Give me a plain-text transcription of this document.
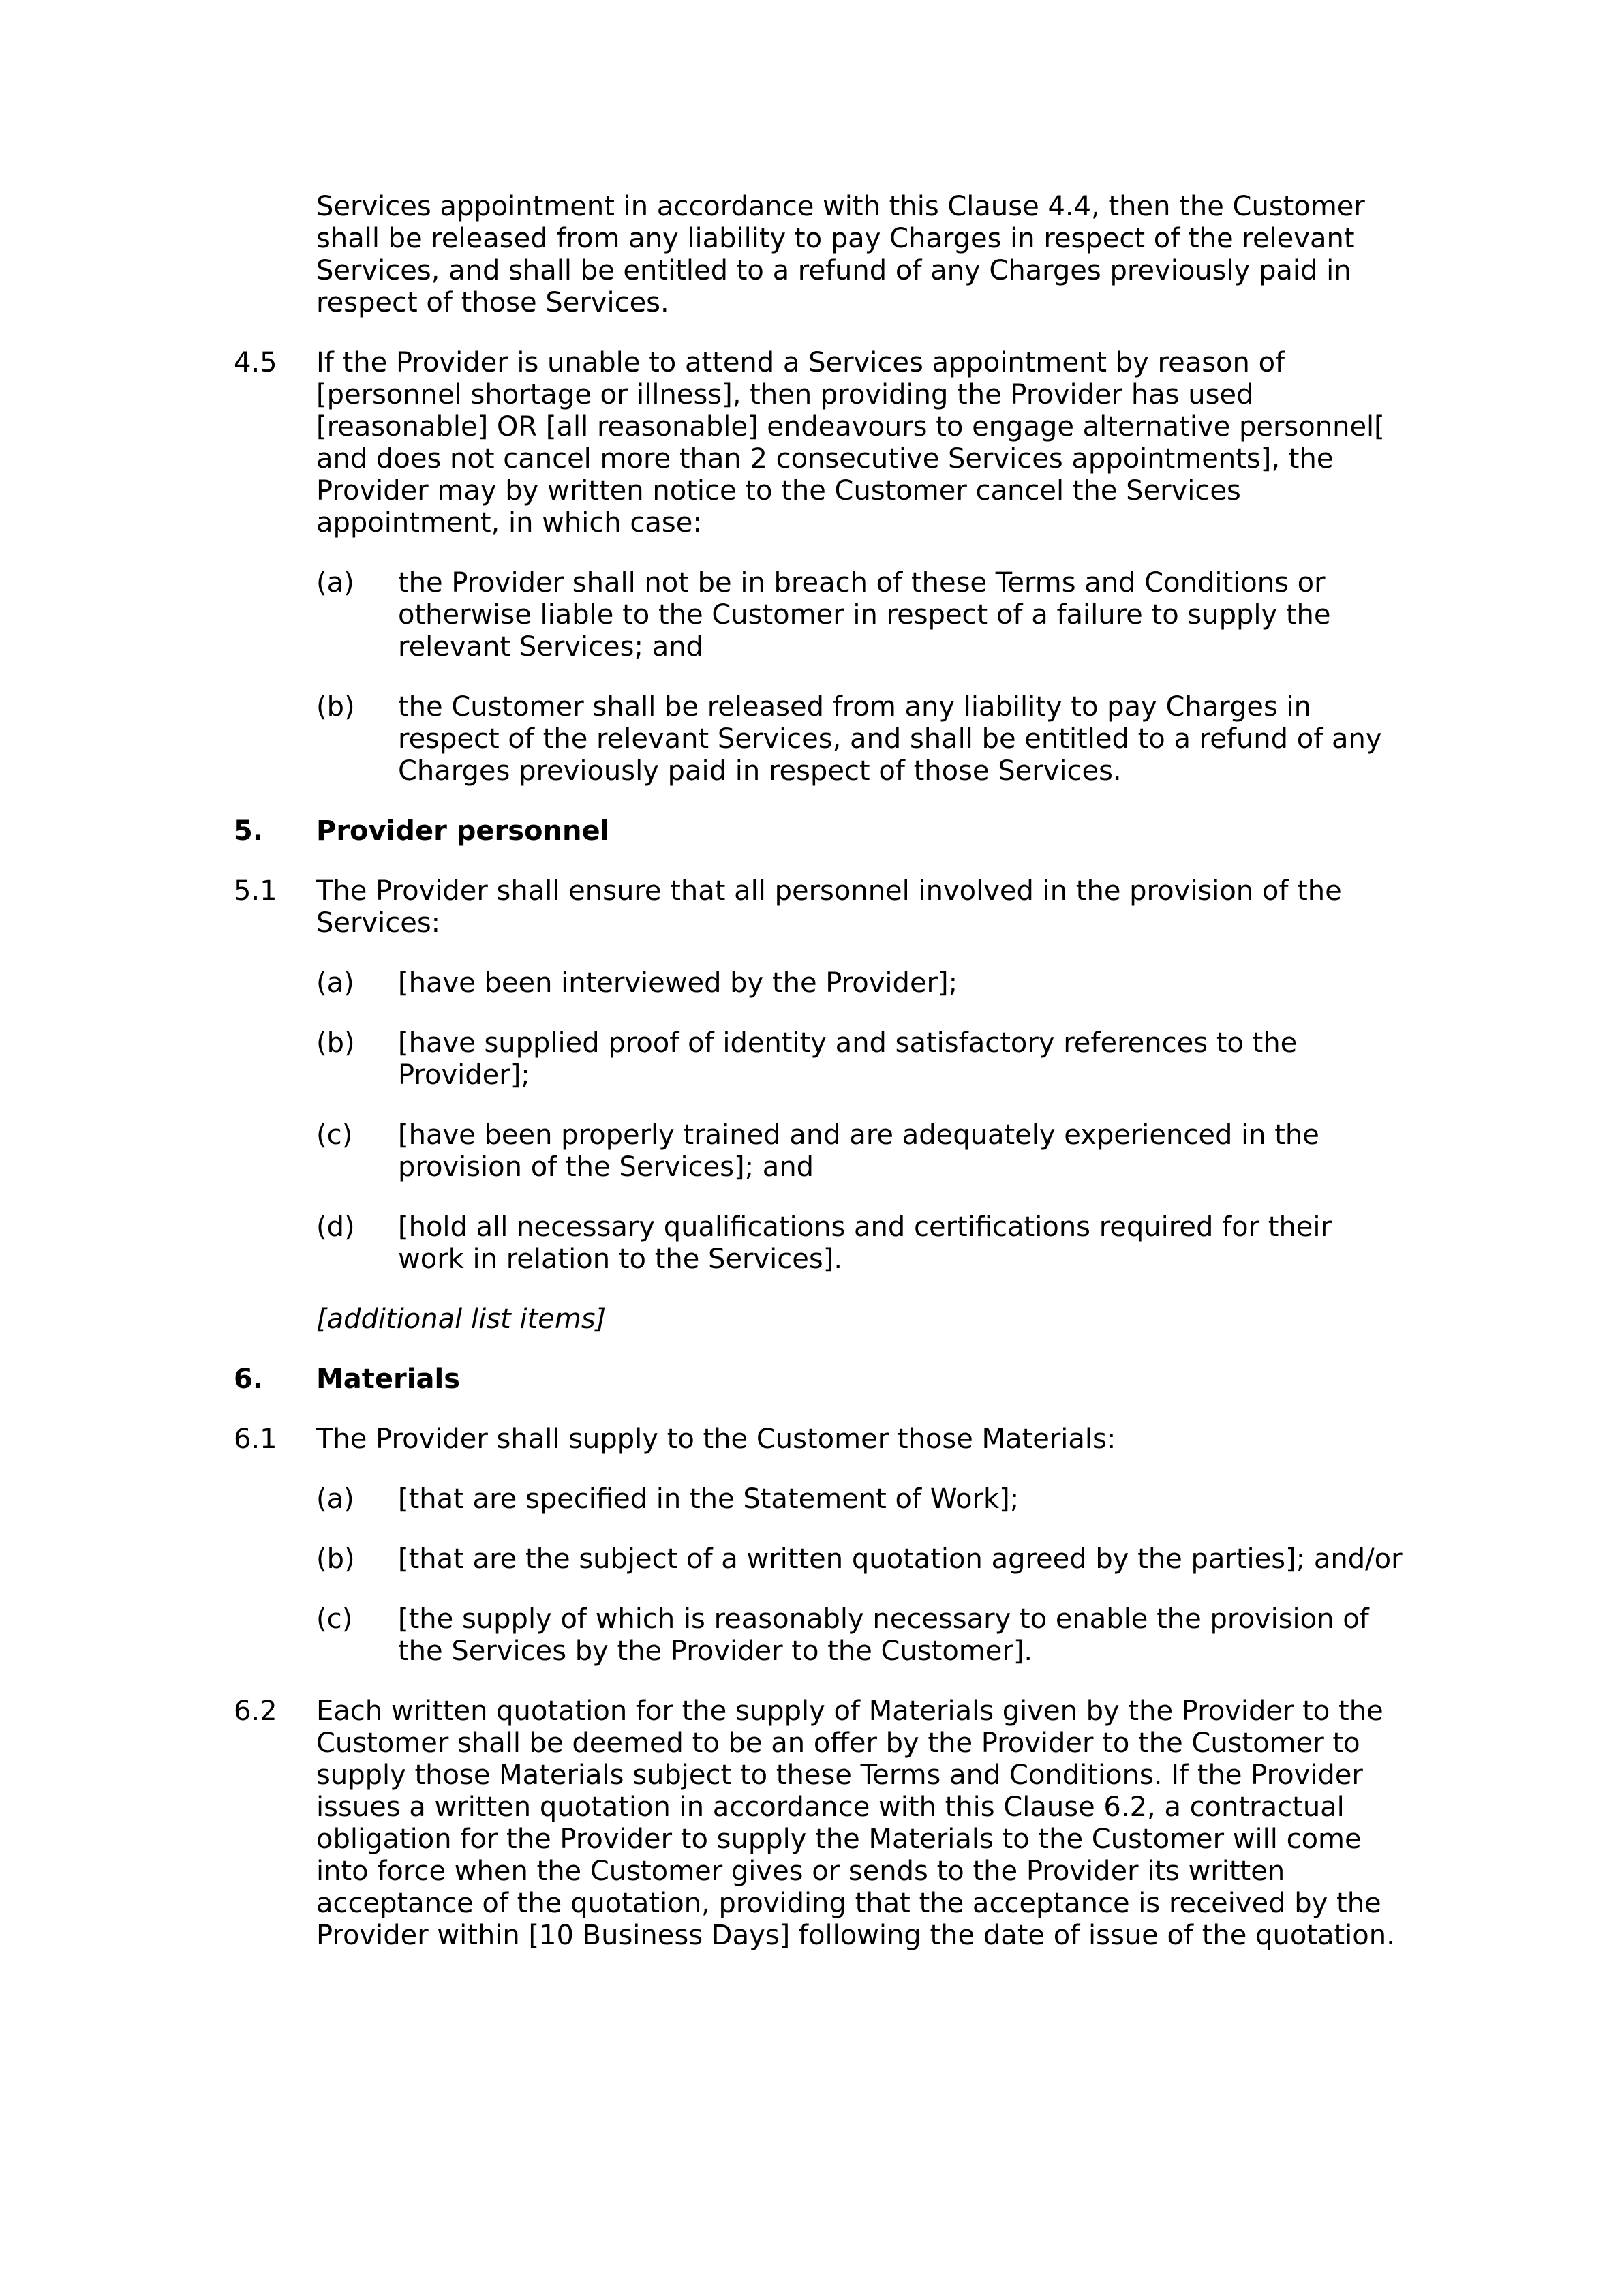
Services appointment in accordance with this Clause 4.4, then the Customer shall be released from any liability to pay Charges in respect of the relevant Services, and shall be entitled to a refund of any Charges previously paid in respect of those Services.
4.5 If the Provider is unable to attend a Services appointment by reason of [personnel shortage or illness], then providing the Provider has used [reasonable] OR [all reasonable] endeavours to engage alternative personnel[ and does not cancel more than 2 consecutive Services appointments], the Provider may by written notice to the Customer cancel the Services appointment, in which case:
(a) the Provider shall not be in breach of these Terms and Conditions or otherwise liable to the Customer in respect of a failure to supply the relevant Services; and
(b) the Customer shall be released from any liability to pay Charges in respect of the relevant Services, and shall be entitled to a refund of any Charges previously paid in respect of those Services.
5. Provider personnel
5.1 The Provider shall ensure that all personnel involved in the provision of the Services:
(a) [have been interviewed by the Provider];
(b) [have supplied proof of identity and satisfactory references to the Provider];
(c) [have been properly trained and are adequately experienced in the provision of the Services]; and
(d) [hold all necessary qualifications and certifications required for their work in relation to the Services].
[additional list items]
6. Materials
6.1 The Provider shall supply to the Customer those Materials:
(a) [that are specified in the Statement of Work];
(b) [that are the subject of a written quotation agreed by the parties]; and/or
(c) [the supply of which is reasonably necessary to enable the provision of the Services by the Provider to the Customer].
6.2 Each written quotation for the supply of Materials given by the Provider to the Customer shall be deemed to be an offer by the Provider to the Customer to supply those Materials subject to these Terms and Conditions. If the Provider issues a written quotation in accordance with this Clause 6.2, a contractual obligation for the Provider to supply the Materials to the Customer will come into force when the Customer gives or sends to the Provider its written acceptance of the quotation, providing that the acceptance is received by the Provider within [10 Business Days] following the date of issue of the quotation.
